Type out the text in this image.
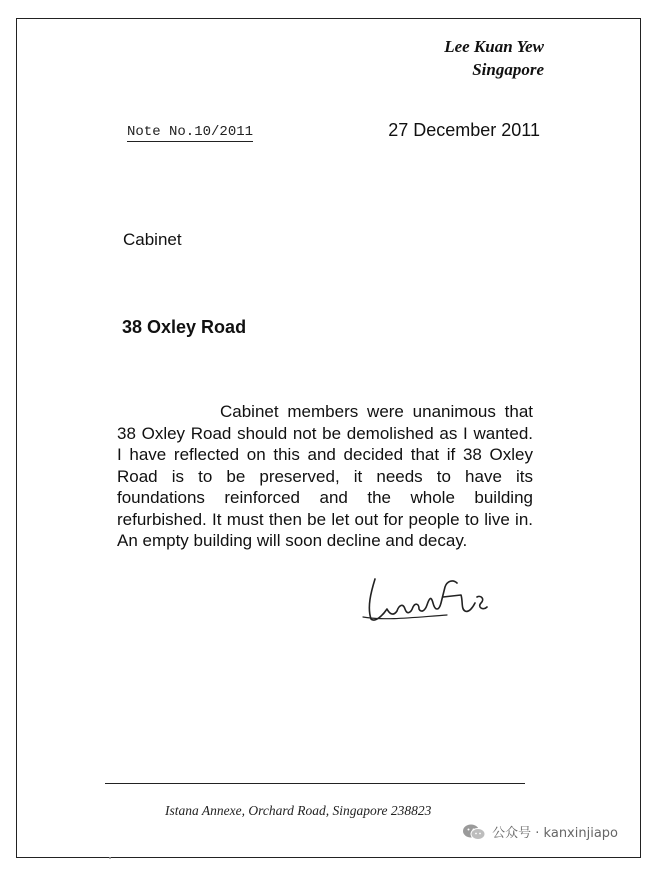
Lee Kuan Yew
Singapore
Note No.10/2011	27 December 2011
Cabinet
38 Oxley Road

Cabinet members were unanimous that 38 Oxley Road should not be demolished as I wanted. I have reflected on this and decided that if 38 Oxley Road is to be preserved, it needs to have its foundations reinforced and the whole building refurbished. It must then be let out for people to live in. An empty building will soon decline and decay.

Istana Annexe, Orchard Road, Singapore 238823
公众号 · kanxinjiapo
